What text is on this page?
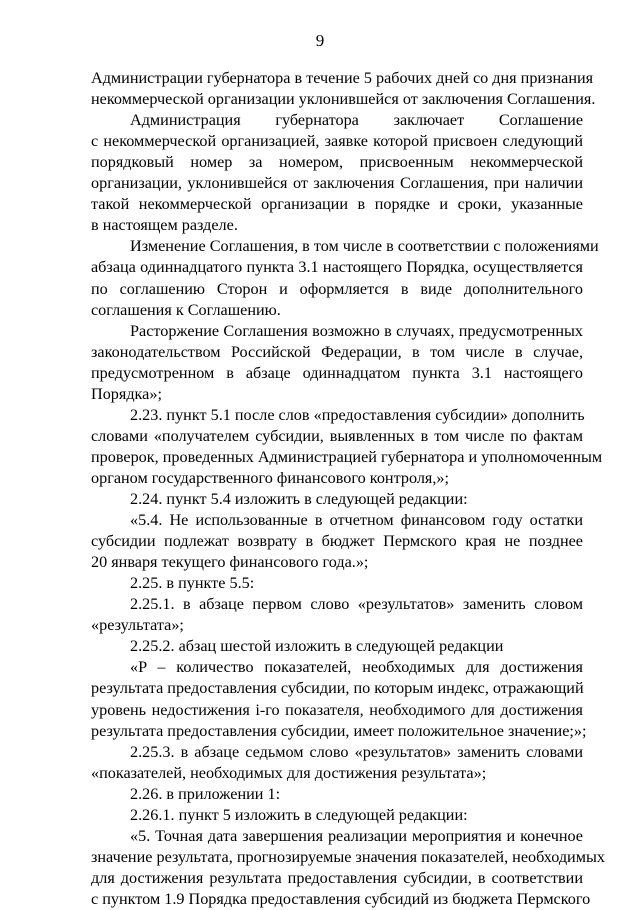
9
Администрации губернатора в течение 5 рабочих дней со дня признания
некоммерческой организации уклонившейся от заключения Соглашения.
Администрация губернатора заключает Соглашение
с некоммерческой организацией, заявке которой присвоен следующий
порядковый номер за номером, присвоенным некоммерческой
организации, уклонившейся от заключения Соглашения, при наличии
такой некоммерческой организации в порядке и сроки, указанные
в настоящем разделе.
Изменение Соглашения, в том числе в соответствии с положениями
абзаца одиннадцатого пункта 3.1 настоящего Порядка, осуществляется
по соглашению Сторон и оформляется в виде дополнительного
соглашения к Соглашению.
Расторжение Соглашения возможно в случаях, предусмотренных
законодательством Российской Федерации, в том числе в случае,
предусмотренном в абзаце одиннадцатом пункта 3.1 настоящего
Порядка»;
2.23. пункт 5.1 после слов «предоставления субсидии» дополнить
словами «получателем субсидии, выявленных в том числе по фактам
проверок, проведенных Администрацией губернатора и уполномоченным
органом государственного финансового контроля,»;
2.24. пункт 5.4 изложить в следующей редакции:
«5.4. Не использованные в отчетном финансовом году остатки
субсидии подлежат возврату в бюджет Пермского края не позднее
20 января текущего финансового года.»;
2.25. в пункте 5.5:
2.25.1. в абзаце первом слово «результатов» заменить словом
«результата»;
2.25.2. абзац шестой изложить в следующей редакции
«P – количество показателей, необходимых для достижения
результата предоставления субсидии, по которым индекс, отражающий
уровень недостижения i-го показателя, необходимого для достижения
результата предоставления субсидии, имеет положительное значение;»;
2.25.3. в абзаце седьмом слово «результатов» заменить словами
«показателей, необходимых для достижения результата»;
2.26. в приложении 1:
2.26.1. пункт 5 изложить в следующей редакции:
«5. Точная дата завершения реализации мероприятия и конечное
значение результата, прогнозируемые значения показателей, необходимых
для достижения результата предоставления субсидии, в соответствии
с пунктом 1.9 Порядка предоставления субсидий из бюджета Пермского
